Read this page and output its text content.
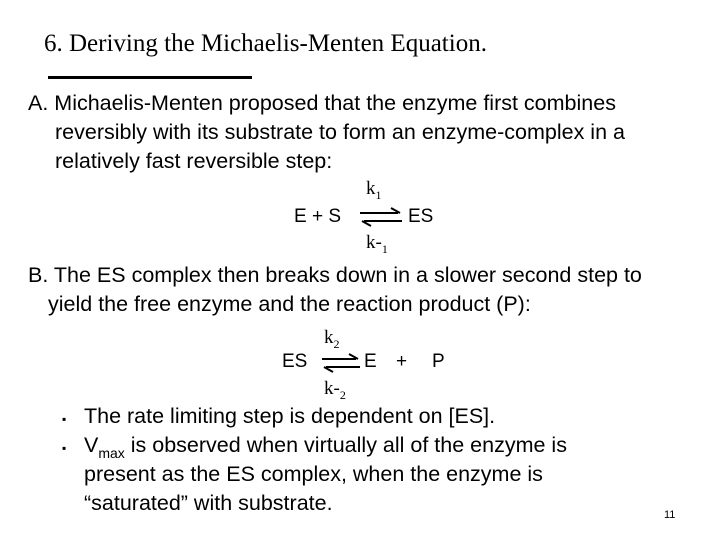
6. Deriving the Michaelis-Menten Equation.
A. Michaelis-Menten proposed that the enzyme first combines
reversibly with its substrate to form an enzyme-complex in a
relatively fast reversible step:
$k_1$
E + S ⇌ ES
$k-_1$
B. The ES complex then breaks down in a slower second step to
yield the free enzyme and the reaction product (P):
$k_2$
ES ⇌ E + P
$k-_2$
▪ The rate limiting step is dependent on [ES].
▪ $V_{max}$ is observed when virtually all of the enzyme is
present as the ES complex, when the enzyme is
“saturated” with substrate.	11
